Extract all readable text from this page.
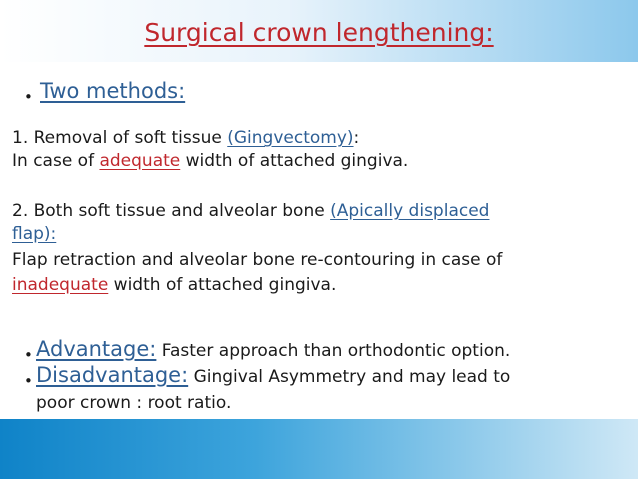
Surgical crown lengthening:
• Two methods:
1. Removal of soft tissue (Gingvectomy):
In case of adequate width of attached gingiva.
2. Both soft tissue and alveolar bone (Apically displaced
flap):
Flap retraction and alveolar bone re-contouring in case of
inadequate width of attached gingiva.
• Advantage: Faster approach than orthodontic option.
• Disadvantage: Gingival Asymmetry and may lead to
poor crown : root ratio.
